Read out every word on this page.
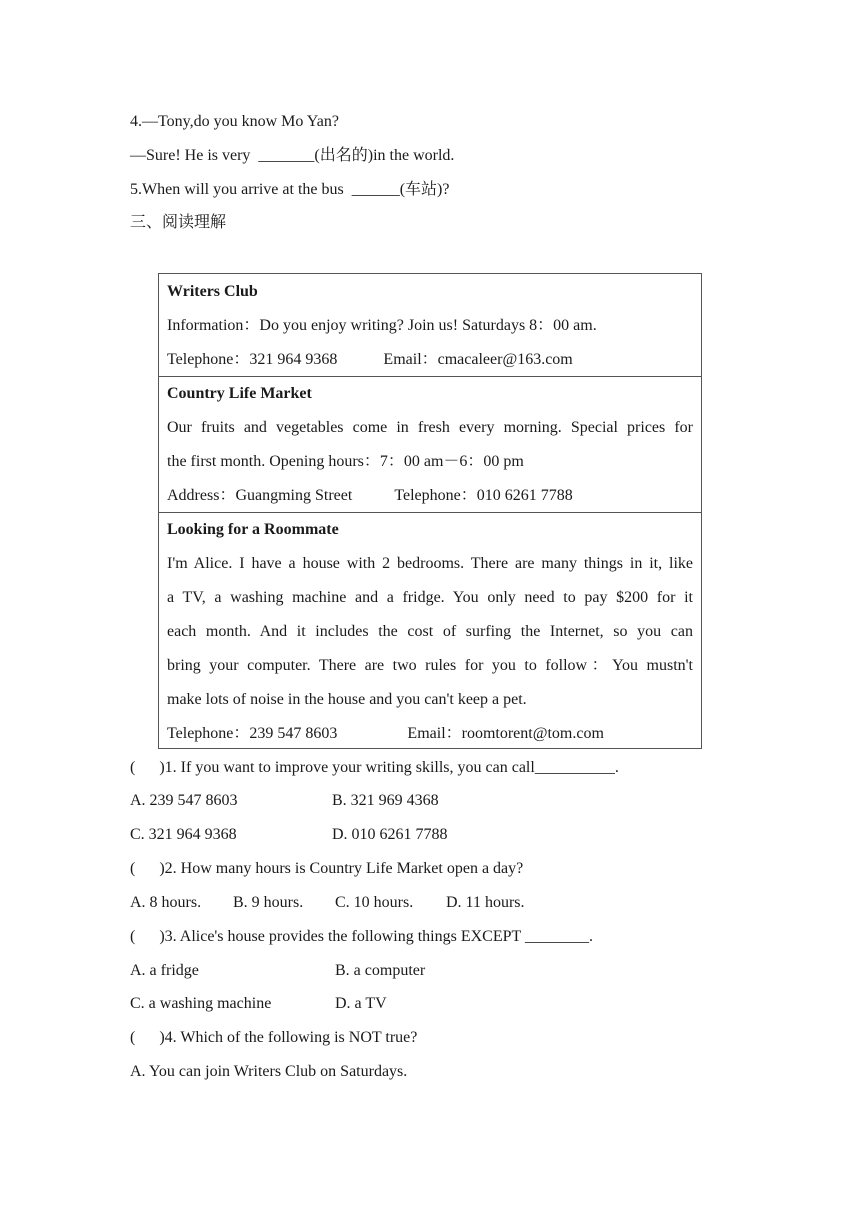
4.—Tony,do you know Mo Yan?
—Sure! He is very  _______(出名的)in the world.
5.When will you arrive at the bus  ______(车站)?
三、阅读理解
Writers Club
Information：Do you enjoy writing? Join us! Saturdays 8：00 am.
Telephone：321 964 9368	Email：cmacaleer@163.com
Country Life Market
Our fruits and vegetables come in fresh every morning. Special prices for
the first month. Opening hours：7：00 am－6：00 pm
Address：Guangming Street	Telephone：010 6261 7788
Looking for a Roommate
I'm Alice. I have a house with 2 bedrooms. There are many things in it, like
a TV, a washing machine and a fridge. You only need to pay $200 for it
each month. And it includes the cost of surfing the Internet, so you can
bring your computer. There are two rules for you to follow：You mustn't
make lots of noise in the house and you can't keep a pet.
Telephone：239 547 8603	Email：roomtorent@tom.com
(      )1. If you want to improve your writing skills, you can call__________.
A. 239 547 8603	B. 321 969 4368
C. 321 964 9368	D. 010 6261 7788
(      )2. How many hours is Country Life Market open a day?
A. 8 hours. B. 9 hours. C. 10 hours. D. 11 hours.
(      )3. Alice's house provides the following things EXCEPT ________.
A. a fridge	B. a computer
C. a washing machine	D. a TV
(      )4. Which of the following is NOT true?
A. You can join Writers Club on Saturdays.
